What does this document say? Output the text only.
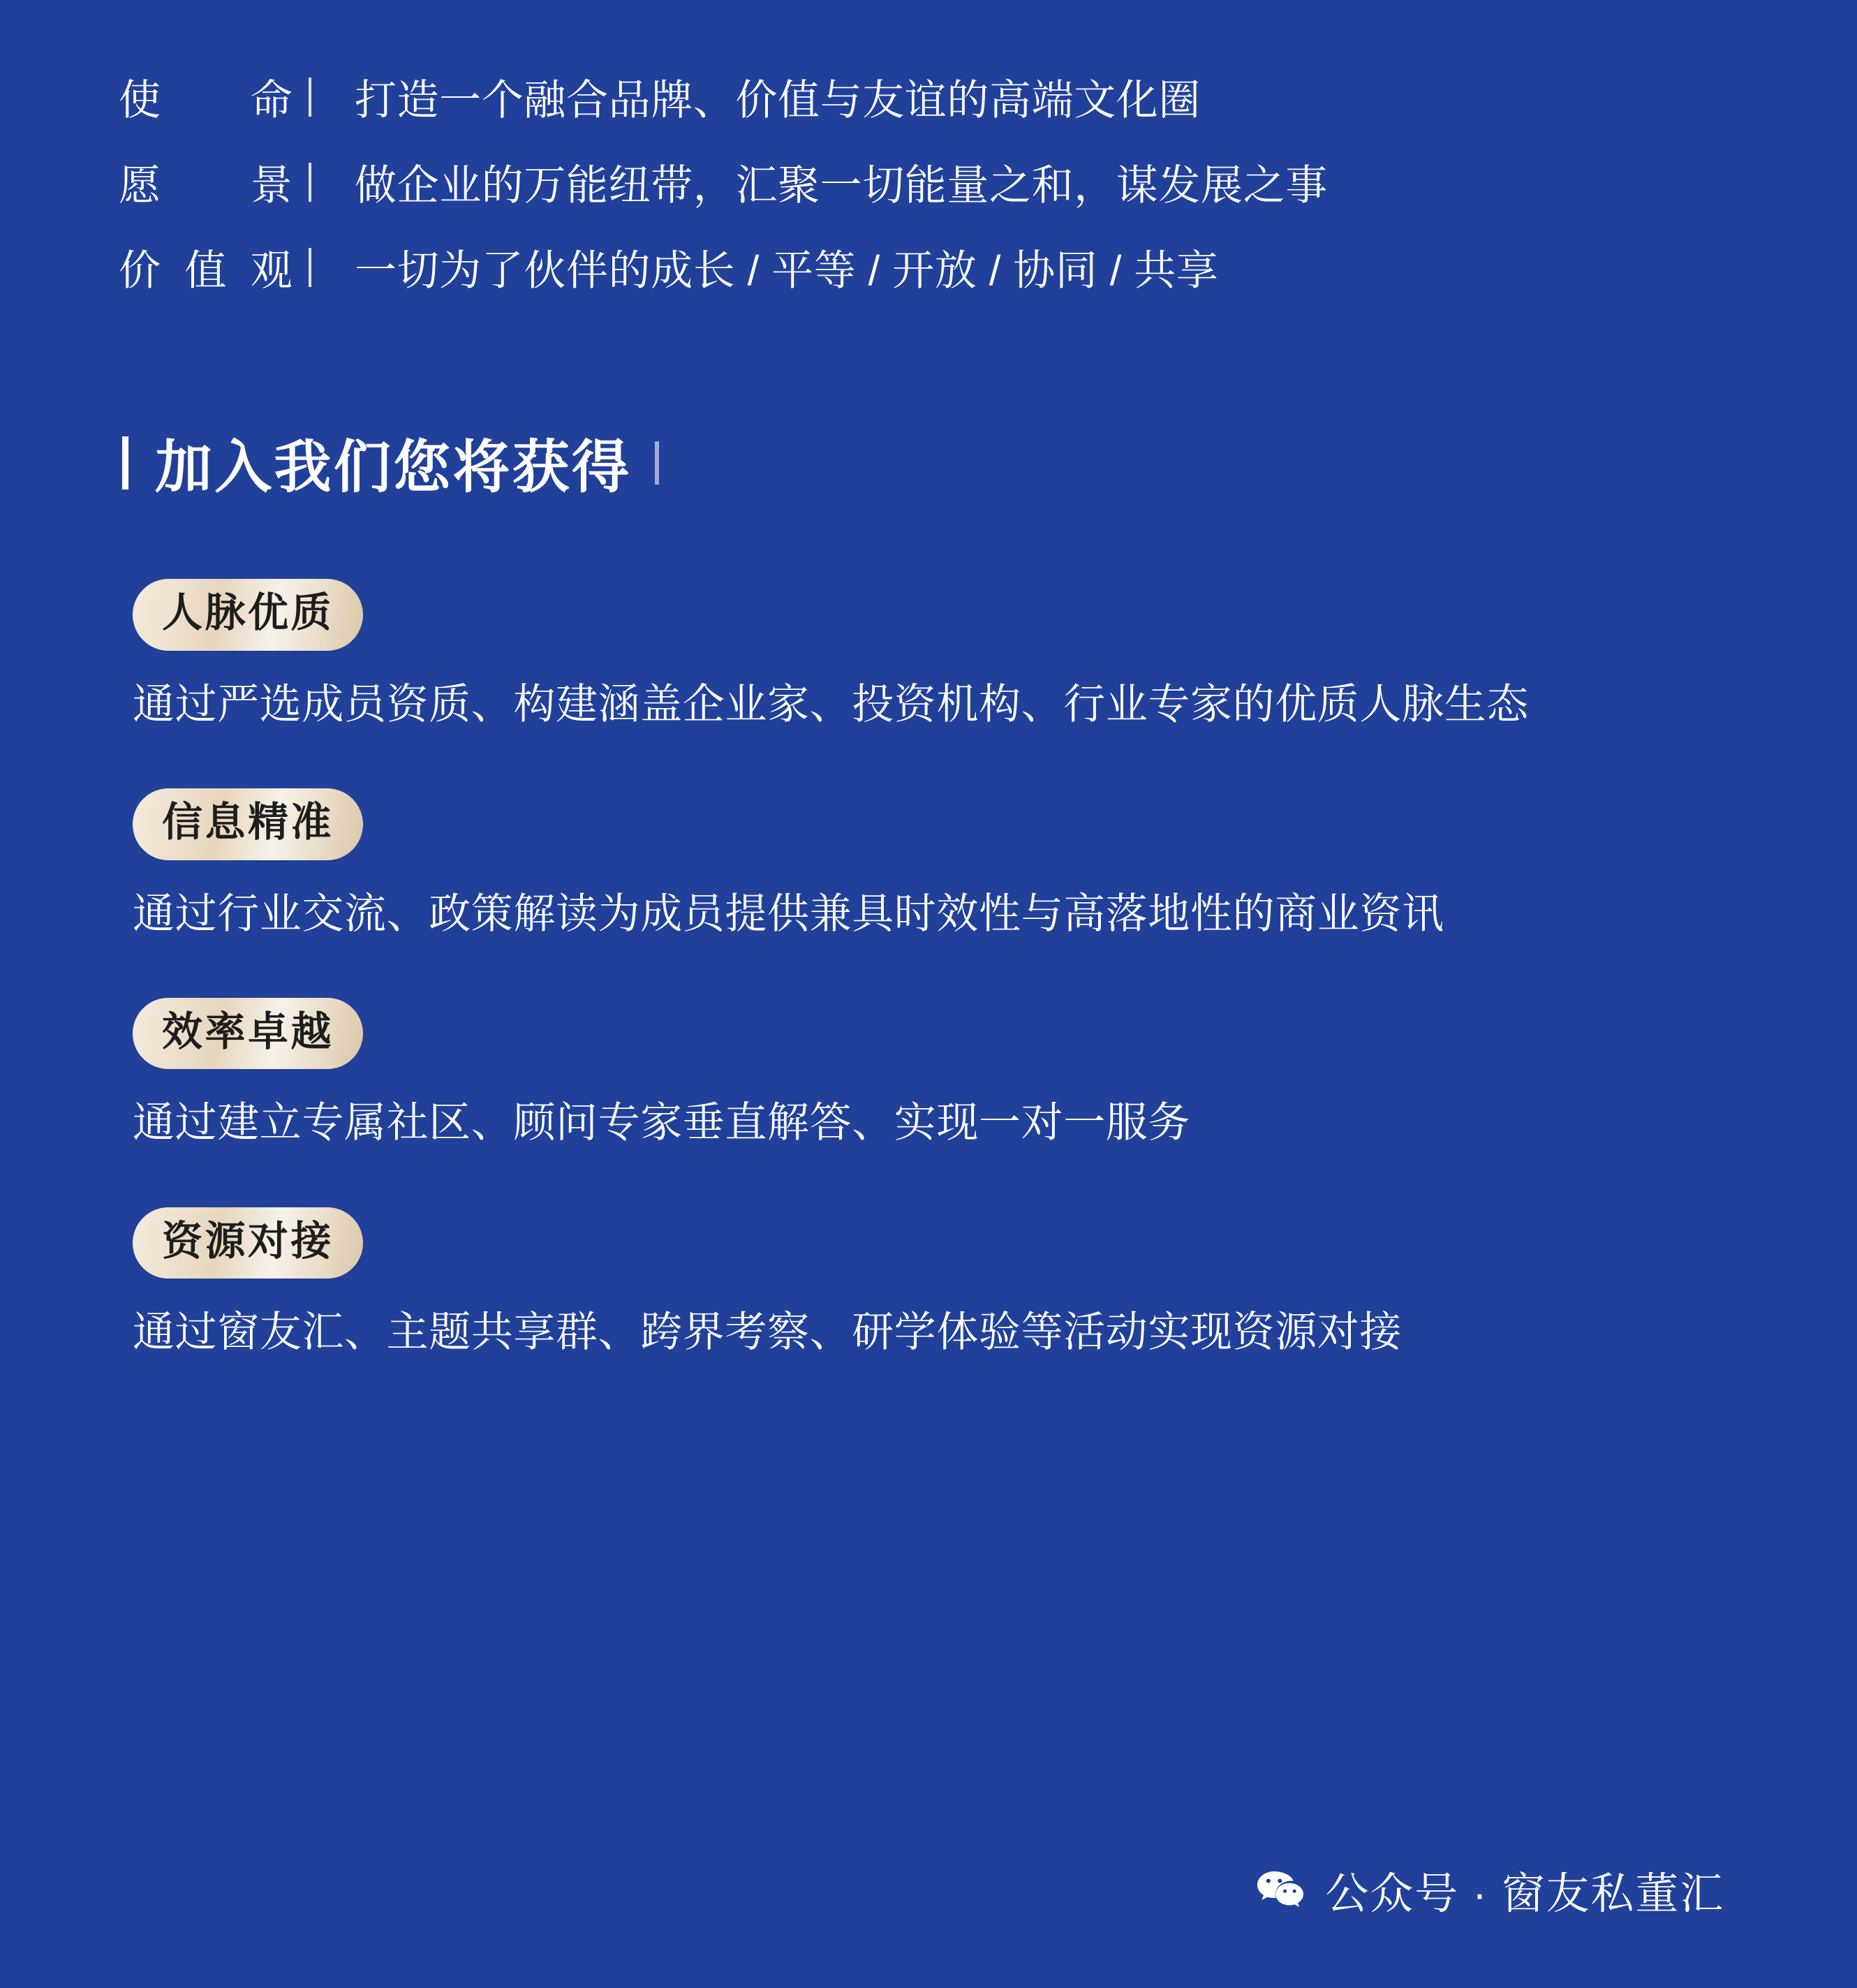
使 命 打造一个融合品牌、价值与友谊的高端文化圈
愿 景 做企业的万能纽带，汇聚一切能量之和，谋发展之事
价 值 观 一切为了伙伴的成长 / 平等 / 开放 / 协同 / 共享
加入我们您将获得
人脉优质
通过严选成员资质、构建涵盖企业家、投资机构、行业专家的优质人脉生态
信息精准
通过行业交流、政策解读为成员提供兼具时效性与高落地性的商业资讯
效率卓越
通过建立专属社区、顾问专家垂直解答、实现一对一服务
资源对接
通过窗友汇、主题共享群、跨界考察、研学体验等活动实现资源对接
公众号 · 窗友私董汇
